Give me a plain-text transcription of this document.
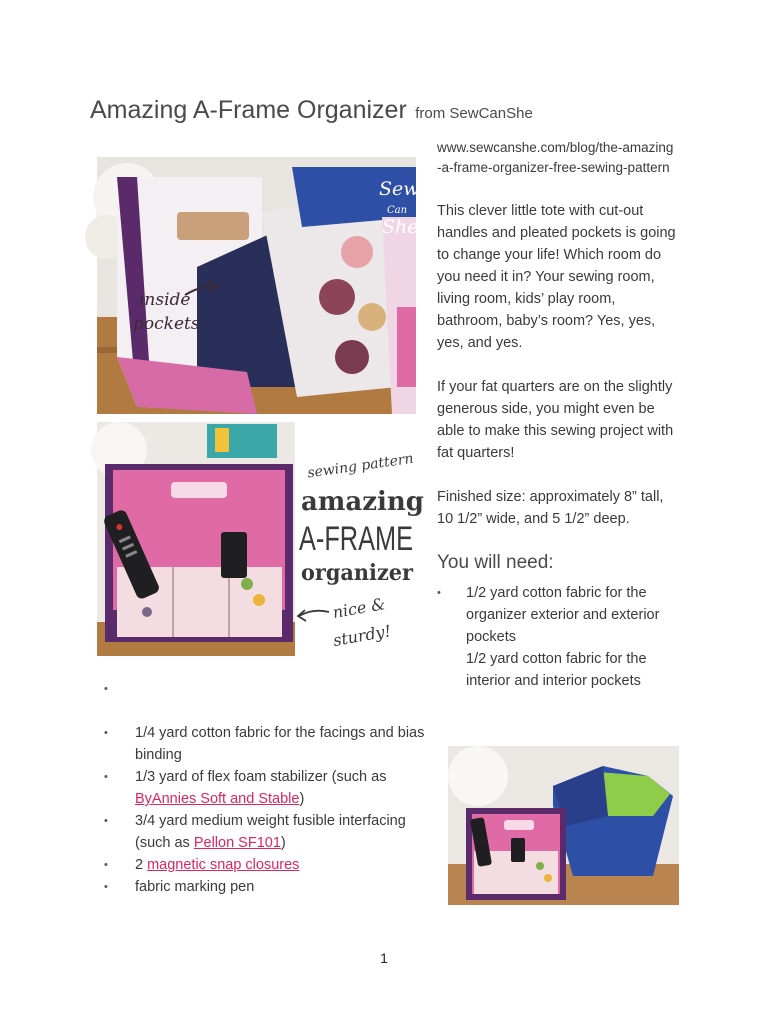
Amazing A-Frame Organizer from SewCanShe
Sew
Can
She
inside
pockets
sewing pattern
amazing
A-FRAME
organizer
nice &
sturdy!
www.sewcanshe.com/blog/the-amazing-a-frame-organizer-free-sewing-pattern
This clever little tote with cut-out handles and pleated pockets is going to change your life! Which room do you need it in? Your sewing room, living room, kids’ play room, bathroom, baby’s room? Yes, yes, yes, and yes.
If your fat quarters are on the slightly generous side, you might even be able to make this sewing project with fat quarters!
Finished size: approximately 8” tall, 10 1/2” wide, and 5 1/2” deep.
You will need:
• 1/2 yard cotton fabric for the organizer exterior and exterior pockets
1/2 yard cotton fabric for the interior and interior pockets
•
• 1/4 yard cotton fabric for the facings and bias binding
• 1/3 yard of flex foam stabilizer (such as ByAnnies Soft and Stable)
• 3/4 yard medium weight fusible interfacing (such as Pellon SF101)
• 2 magnetic snap closures
• fabric marking pen
1
